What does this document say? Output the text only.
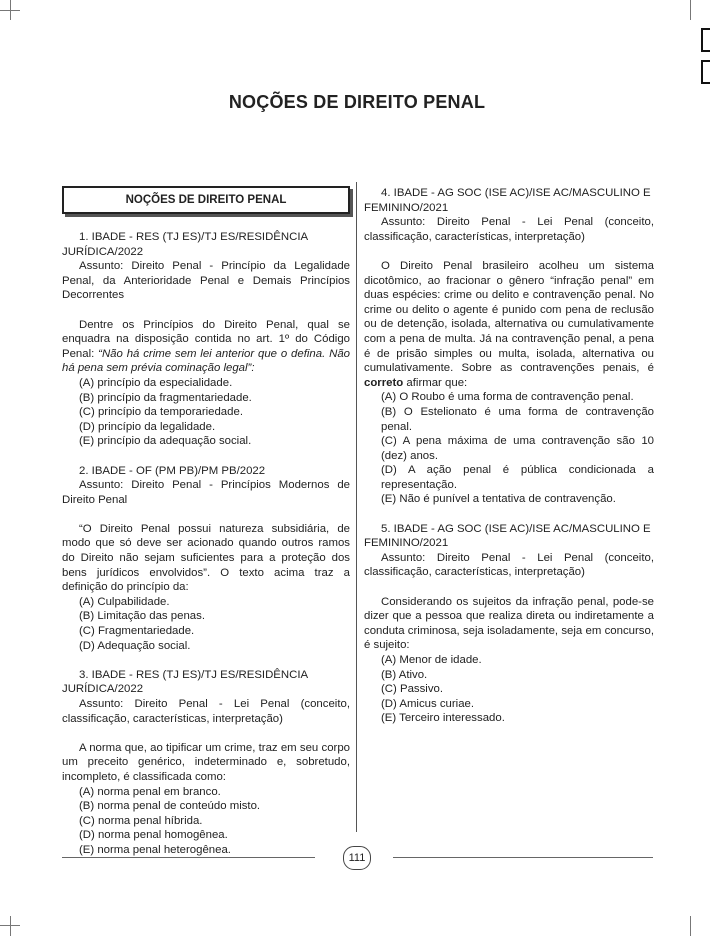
NOÇÕES DE DIREITO PENAL
NOÇÕES DE DIREITO PENAL

1. IBADE - RES (TJ ES)/TJ ES/RESIDÊNCIA JURÍDICA/2022

Assunto: Direito Penal - Princípio da Legalidade Penal, da Anterioridade Penal e Demais Princípios Decorrentes

Dentre os Princípios do Direito Penal, qual se enquadra na disposição contida no art. 1º do Código Penal: “Não há crime sem lei anterior que o defina. Não há pena sem prévia cominação legal”:

(A) princípio da especialidade.

(B) princípio da fragmentariedade.

(C) princípio da temporariedade.

(D) princípio da legalidade.

(E) princípio da adequação social.

2. IBADE - OF (PM PB)/PM PB/2022

Assunto: Direito Penal - Princípios Modernos de Direito Penal

“O Direito Penal possui natureza subsidiária, de modo que só deve ser acionado quando outros ramos do Direito não sejam suficientes para a proteção dos bens jurídicos envolvidos”. O texto acima traz a definição do princípio da:

(A) Culpabilidade.

(B) Limitação das penas.

(C) Fragmentariedade.

(D) Adequação social.

3. IBADE - RES (TJ ES)/TJ ES/RESIDÊNCIA JURÍDICA/2022

Assunto: Direito Penal - Lei Penal (conceito, classificação, características, interpretação)

A norma que, ao tipificar um crime, traz em seu corpo um preceito genérico, indeterminado e, sobretudo, incompleto, é classificada como:

(A) norma penal em branco.

(B) norma penal de conteúdo misto.

(C) norma penal híbrida.

(D) norma penal homogênea.

(E) norma penal heterogênea.

4. IBADE - AG SOC (ISE AC)/ISE AC/MASCULINO E FEMININO/2021

Assunto: Direito Penal - Lei Penal (conceito, classificação, características, interpretação)

O Direito Penal brasileiro acolheu um sistema dicotômico, ao fracionar o gênero “infração penal” em duas espécies: crime ou delito e contravenção penal. No crime ou delito o agente é punido com pena de reclusão ou de detenção, isolada, alternativa ou cumulativamente com a pena de multa. Já na contravenção penal, a pena é de prisão simples ou multa, isolada, alternativa ou cumulativamente. Sobre as contravenções penais, é correto afirmar que:

(A) O Roubo é uma forma de contravenção penal.

(B) O Estelionato é uma forma de contravenção penal.

(C) A pena máxima de uma contravenção são 10 (dez) anos.

(D) A ação penal é pública condicionada a representação.

(E) Não é punível a tentativa de contravenção.

5. IBADE - AG SOC (ISE AC)/ISE AC/MASCULINO E FEMININO/2021

Assunto: Direito Penal - Lei Penal (conceito, classificação, características, interpretação)

Considerando os sujeitos da infração penal, pode-se dizer que a pessoa que realiza direta ou indiretamente a conduta criminosa, seja isoladamente, seja em concurso, é sujeito:

(A) Menor de idade.

(B) Ativo.

(C) Passivo.

(D) Amicus curiae.

(E) Terceiro interessado.

111
